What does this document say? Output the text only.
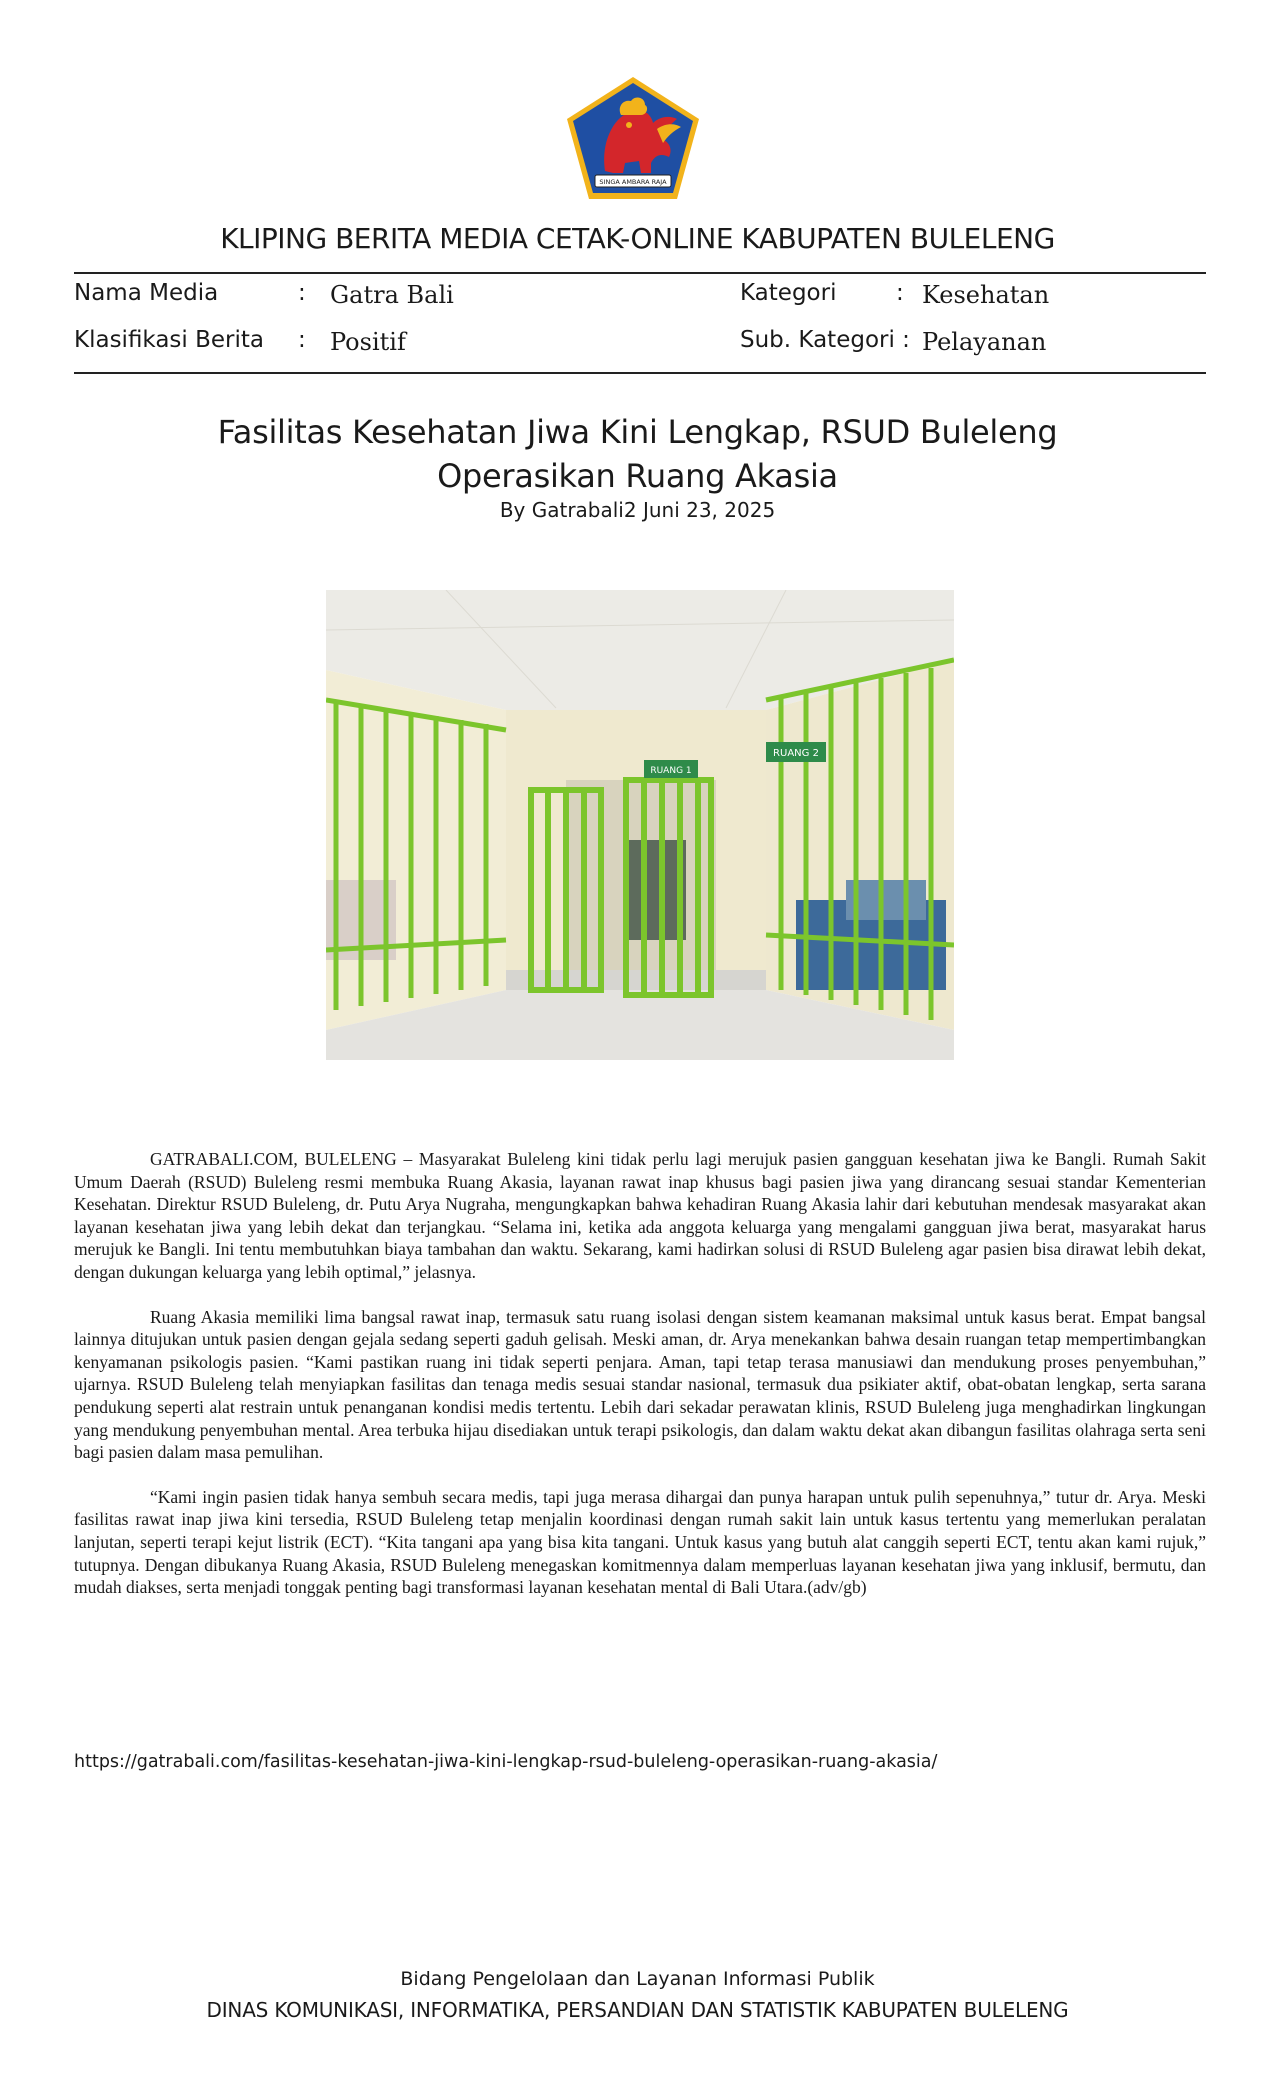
SINGA AMBARA RAJA
KLIPING BERITA MEDIA CETAK-ONLINE KABUPATEN BULELENG
Nama Media	: Gatra Bali	Kategori	: Kesehatan
Klasifikasi Berita : Positif	Sub. Kategori : Pelayanan
Fasilitas Kesehatan Jiwa Kini Lengkap, RSUD Buleleng
Operasikan Ruang Akasia
By Gatrabali2 Juni 23, 2025
RUANG 1
RUANG 2

GATRABALI.COM, BULELENG – Masyarakat Buleleng kini tidak perlu lagi merujuk pasien gangguan kesehatan jiwa ke Bangli. Rumah Sakit Umum Daerah (RSUD) Buleleng resmi membuka Ruang Akasia, layanan rawat inap khusus bagi pasien jiwa yang dirancang sesuai standar Kementerian Kesehatan. Direktur RSUD Buleleng, dr. Putu Arya Nugraha, mengungkapkan bahwa kehadiran Ruang Akasia lahir dari kebutuhan mendesak masyarakat akan layanan kesehatan jiwa yang lebih dekat dan terjangkau. “Selama ini, ketika ada anggota keluarga yang mengalami gangguan jiwa berat, masyarakat harus merujuk ke Bangli. Ini tentu membutuhkan biaya tambahan dan waktu. Sekarang, kami hadirkan solusi di RSUD Buleleng agar pasien bisa dirawat lebih dekat, dengan dukungan keluarga yang lebih optimal,” jelasnya.

Ruang Akasia memiliki lima bangsal rawat inap, termasuk satu ruang isolasi dengan sistem keamanan maksimal untuk kasus berat. Empat bangsal lainnya ditujukan untuk pasien dengan gejala sedang seperti gaduh gelisah. Meski aman, dr. Arya menekankan bahwa desain ruangan tetap mempertimbangkan kenyamanan psikologis pasien. “Kami pastikan ruang ini tidak seperti penjara. Aman, tapi tetap terasa manusiawi dan mendukung proses penyembuhan,” ujarnya. RSUD Buleleng telah menyiapkan fasilitas dan tenaga medis sesuai standar nasional, termasuk dua psikiater aktif, obat-obatan lengkap, serta sarana pendukung seperti alat restrain untuk penanganan kondisi medis tertentu. Lebih dari sekadar perawatan klinis, RSUD Buleleng juga menghadirkan lingkungan yang mendukung penyembuhan mental. Area terbuka hijau disediakan untuk terapi psikologis, dan dalam waktu dekat akan dibangun fasilitas olahraga serta seni bagi pasien dalam masa pemulihan.

“Kami ingin pasien tidak hanya sembuh secara medis, tapi juga merasa dihargai dan punya harapan untuk pulih sepenuhnya,” tutur dr. Arya. Meski fasilitas rawat inap jiwa kini tersedia, RSUD Buleleng tetap menjalin koordinasi dengan rumah sakit lain untuk kasus tertentu yang memerlukan peralatan lanjutan, seperti terapi kejut listrik (ECT). “Kita tangani apa yang bisa kita tangani. Untuk kasus yang butuh alat canggih seperti ECT, tentu akan kami rujuk,” tutupnya. Dengan dibukanya Ruang Akasia, RSUD Buleleng menegaskan komitmennya dalam memperluas layanan kesehatan jiwa yang inklusif, bermutu, dan mudah diakses, serta menjadi tonggak penting bagi transformasi layanan kesehatan mental di Bali Utara.(adv/gb)

https://gatrabali.com/fasilitas-kesehatan-jiwa-kini-lengkap-rsud-buleleng-operasikan-ruang-akasia/
Bidang Pengelolaan dan Layanan Informasi Publik
DINAS KOMUNIKASI, INFORMATIKA, PERSANDIAN DAN STATISTIK KABUPATEN BULELENG
